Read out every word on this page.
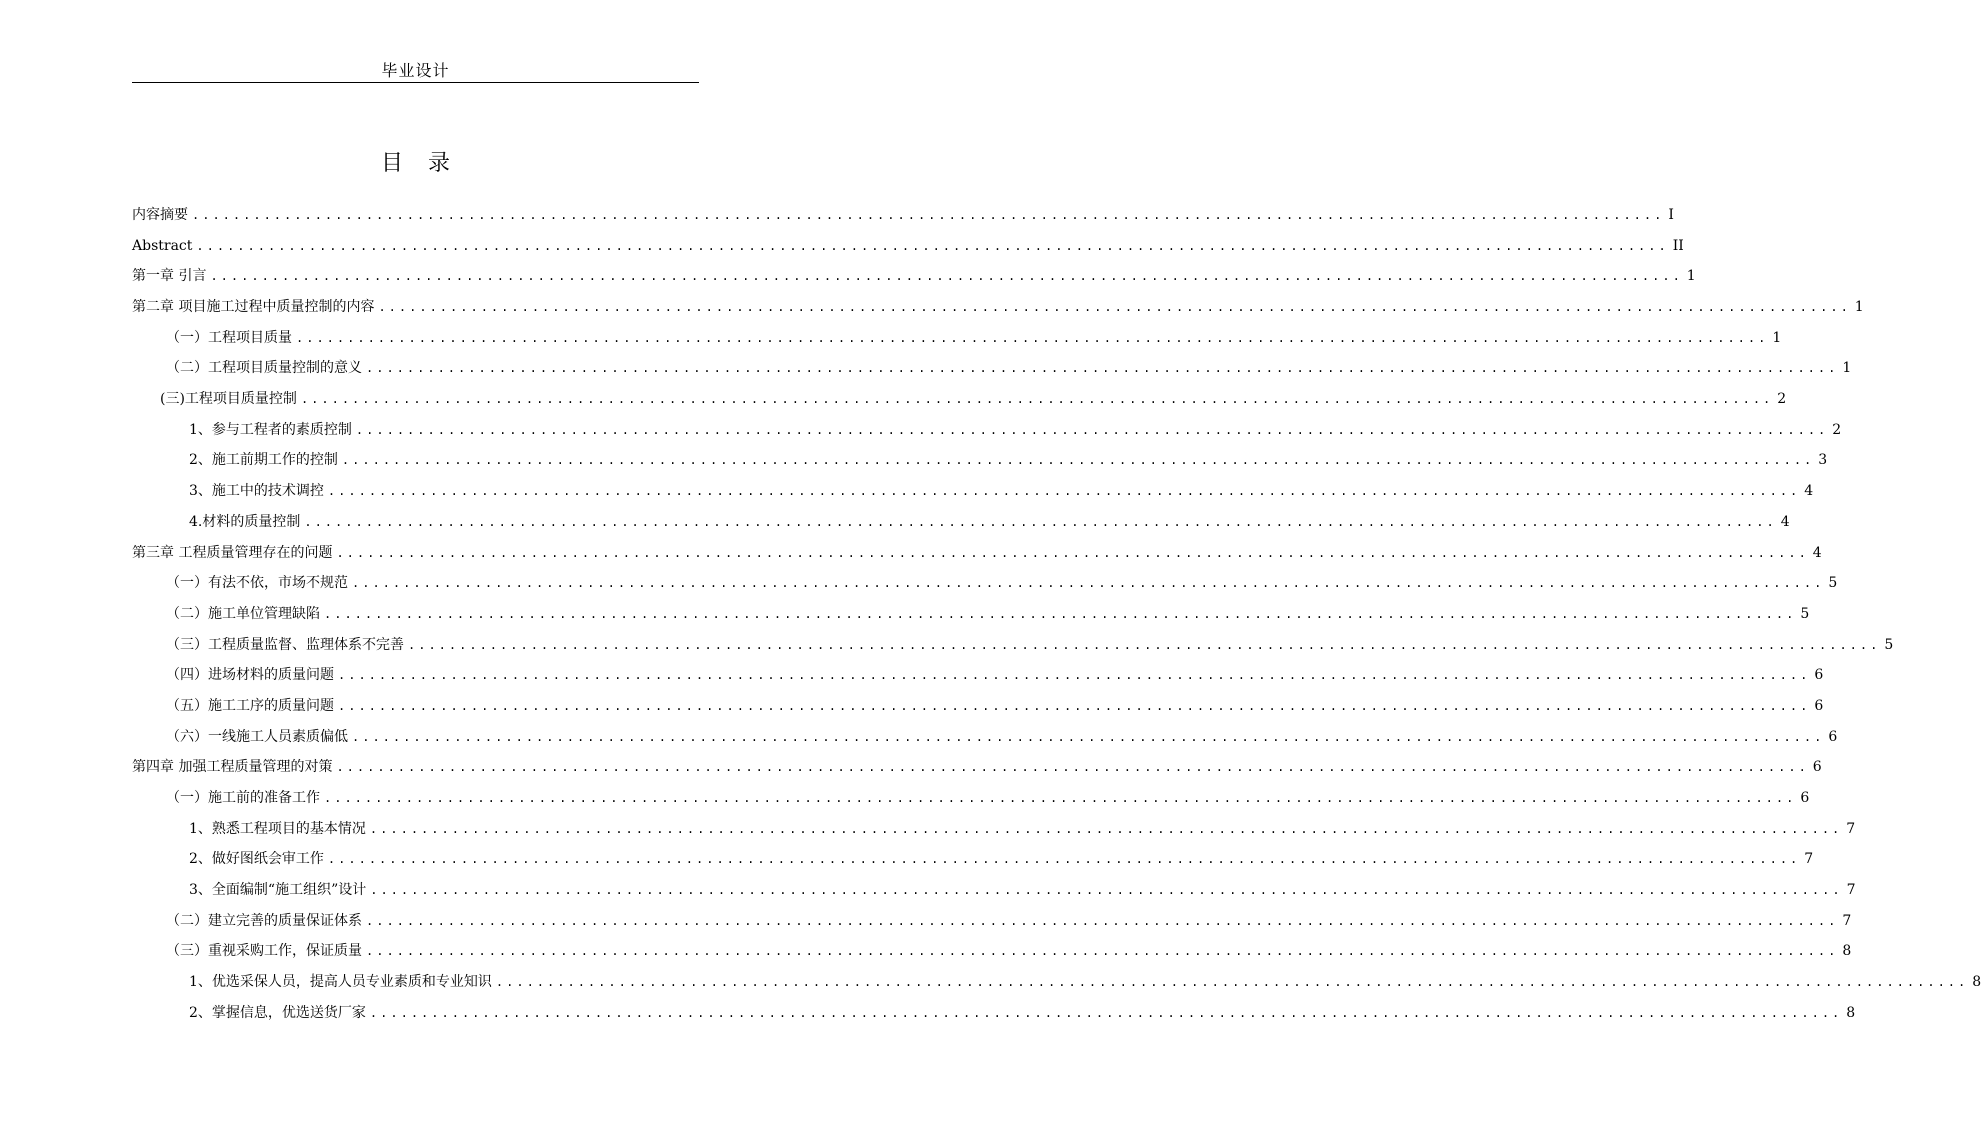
毕业设计
目 录
内容摘要 ................................................................................................................................................ I
Abstract ................................................................................................................................................ II
第一章 引言 ................................................................................................................................................ 1
第二章 项目施工过程中质量控制的内容 ................................................................................................................................................ 1
（一）工程项目质量 ................................................................................................................................................ 1
（二）工程项目质量控制的意义 ................................................................................................................................................ 1
(三)工程项目质量控制 ................................................................................................................................................ 2
1、参与工程者的素质控制 ................................................................................................................................................ 2
2、施工前期工作的控制 ................................................................................................................................................ 3
3、施工中的技术调控 ................................................................................................................................................ 4
4.材料的质量控制 ................................................................................................................................................ 4
第三章 工程质量管理存在的问题 ................................................................................................................................................ 4
（一）有法不依，市场不规范 ................................................................................................................................................ 5
（二）施工单位管理缺陷 ................................................................................................................................................ 5
（三）工程质量监督、监理体系不完善 ................................................................................................................................................ 5
（四）进场材料的质量问题 ................................................................................................................................................ 6
（五）施工工序的质量问题 ................................................................................................................................................ 6
（六）一线施工人员素质偏低 ................................................................................................................................................ 6
第四章 加强工程质量管理的对策 ................................................................................................................................................ 6
（一）施工前的准备工作 ................................................................................................................................................ 6
1、熟悉工程项目的基本情况 ................................................................................................................................................ 7
2、做好图纸会审工作 ................................................................................................................................................ 7
3、全面编制“施工组织”设计 ................................................................................................................................................ 7
（二）建立完善的质量保证体系 ................................................................................................................................................ 7
（三）重视采购工作，保证质量 ................................................................................................................................................ 8
1、优选采保人员，提高人员专业素质和专业知识 ................................................................................................................................................ 8
2、掌握信息，优选送货厂家 ................................................................................................................................................ 8
